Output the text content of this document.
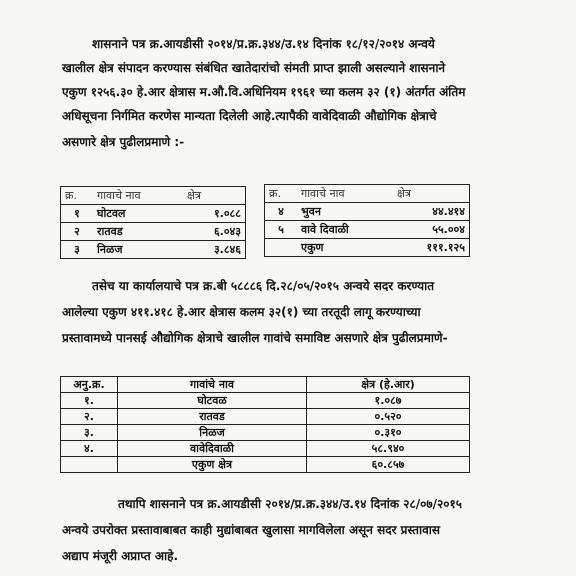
शासनाने पत्र क्र.आयडीसी २०१४/प्र.क्र.३४४/उ.१४ दिनांक १८/१२/२०१४ अन्वये
खालील क्षेत्र संपादन करण्यास संबंधित खातेदारांचो संमती प्राप्त झाली असल्याने शासनाने
एकुण १२५६.३० हे.आर क्षेत्रास म.औ.वि.अधिनियम १९६१ च्या कलम ३२ (१) अंतर्गत अंतिम
अधिसूचना निर्गमित करणेस मान्यता दिलेली आहे.त्यापैकी वावेदिवाळी औद्योगिक क्षेत्राचे
असणारे क्षेत्र पुढीलप्रमाणे :-
क्र.	गावाचे नाव	क्षेत्र
१	घोटवल	१.०८८
२	रातवड	६.०४३
३	निळज	३.८४६
क्र.	गावाचे नाव	क्षेत्र
४	भुवन	४४.४१४
५	वावे दिवाळी	५५.००४
	एकुण	१११.१२५
तसेच या कार्यालयाचे पत्र क्र.बी ५८८८६ दि.२८/०५/२०१५ अन्वये सदर करण्यात
आलेल्या एकुण ४११.४१८ हे.आर क्षेत्रास कलम ३२(१) च्या तरतूदी लागू करण्याच्या
प्रस्तावामध्ये पानसई औद्योगिक क्षेत्राचे खालील गावांचे समाविष्ट असणारे क्षेत्र पुढीलप्रमाणे-
अनु.क्र.	गावांचे नाव	क्षेत्र (हे.आर)
१.	घोटवळ	१.०८७
२.	रातवड	०.५२०
३.	निळज	०.३१०
४.	वावेदिवाळी	५८.९४०
	एकुण क्षेत्र	६०.८५७
तथापि शासनाने पत्र क्र.आयडीसी २०१४/प्र.क्र.३४४/उ.१४ दिनांक २८/०७/२०१५
अन्वये उपरोक्त प्रस्तावाबाबत काही मुद्यांबाबत खुलासा मागविलेला असून सदर प्रस्तावास
अद्याप मंजूरी अप्राप्त आहे.
